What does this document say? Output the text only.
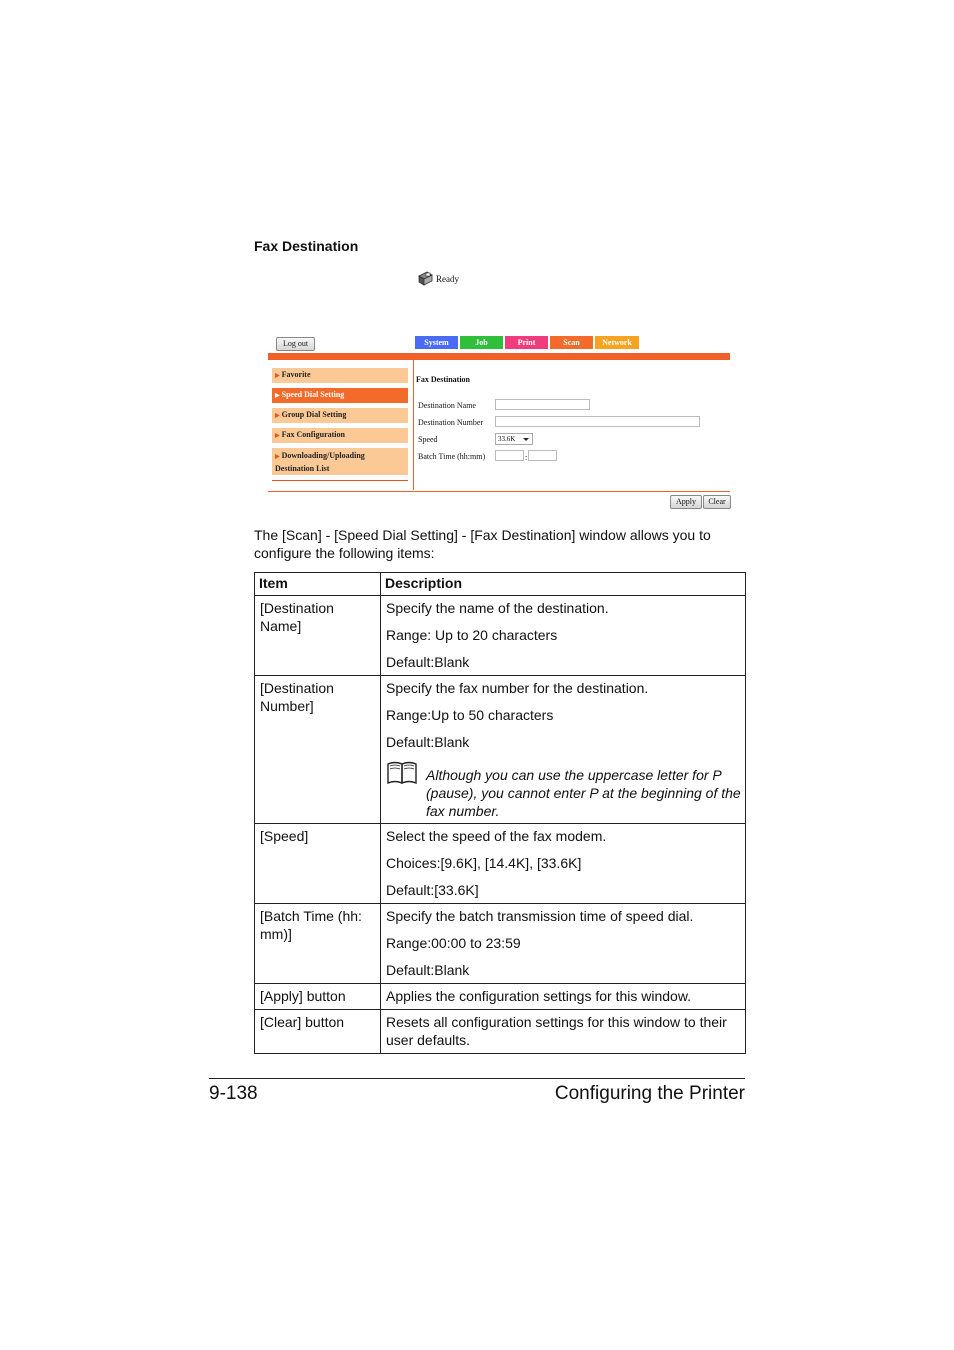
Fax Destination
Ready
Log out	System	Job	Print	Scan	Network
▶ Favorite
▶ Speed Dial Setting
▶ Group Dial Setting
▶ Fax Configuration
▶ Downloading/Uploading
Destination List
Fax Destination
Destination Name
Destination Number
Speed	33.6K
Batch Time (hh:mm)	:
Apply	Clear
The [Scan] - [Speed Dial Setting] - [Fax Destination] window allows you to configure the following items:
Item	Description

[Destination Name]	Specify the name of the destination.

Range: Up to 20 characters

Default:Blank

[Destination Number]	Specify the fax number for the destination.

Range:Up to 50 characters

Default:Blank

Although you can use the uppercase letter for P (pause), you cannot enter P at the beginning of the fax number.

[Speed]	Select the speed of the fax modem.

Choices:[9.6K], [14.4K], [33.6K]

Default:[33.6K]

[Batch Time (hh: mm)]	Specify the batch transmission time of speed dial.

Range:00:00 to 23:59

Default:Blank

[Apply] button	Applies the configuration settings for this window.

[Clear] button	Resets all configuration settings for this window to their user defaults.

9-138	Configuring the Printer
